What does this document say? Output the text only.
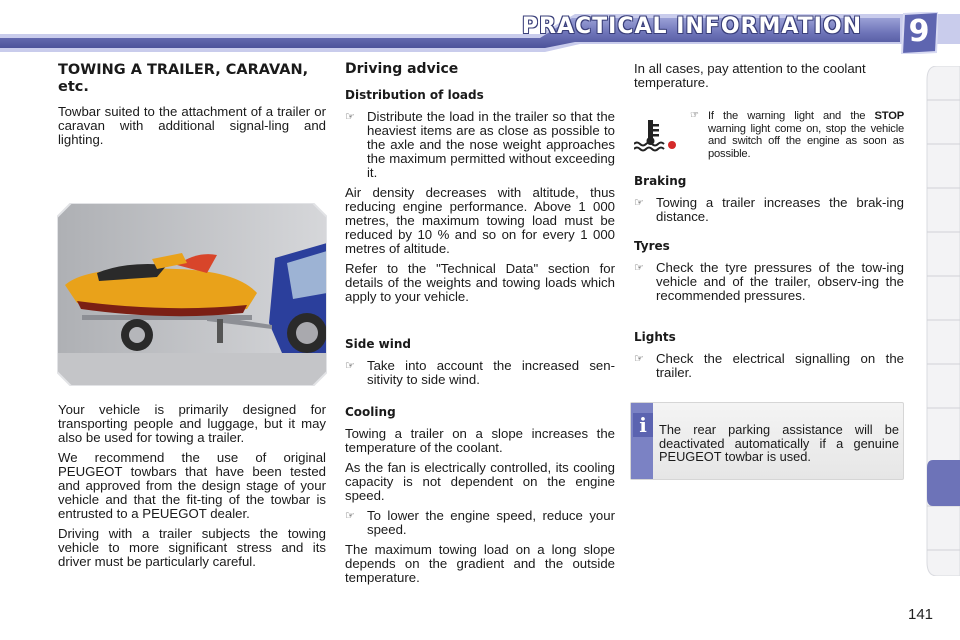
PRACTICAL INFORMATION 9
TOWING A TRAILER, CARAVAN, etc.

Towbar suited to the attachment of a trailer or caravan with additional signal-ling and lighting.

Your vehicle is primarily designed for transporting people and luggage, but it may also be used for towing a trailer.

We recommend the use of original PEUGEOT towbars that have been tested and approved from the design stage of your vehicle and that the fit-ting of the towbar is entrusted to a PEUEGOT dealer.

Driving with a trailer subjects the towing vehicle to more significant stress and its driver must be particularly careful.

Driving advice
Distribution of loads
☞ Distribute the load in the trailer so that the heaviest items are as close as possible to the axle and the nose weight approaches the maximum permitted without exceeding it.

Air density decreases with altitude, thus reducing engine performance. Above 1 000 metres, the maximum towing load must be reduced by 10 % and so on for every 1 000 metres of altitude.

Refer to the "Technical Data" section for details of the weights and towing loads which apply to your vehicle.

Side wind
☞ Take into account the increased sen-sitivity to side wind.
Cooling

Towing a trailer on a slope increases the temperature of the coolant.

As the fan is electrically controlled, its cooling capacity is not dependent on the engine speed.

☞ To lower the engine speed, reduce your speed.

The maximum towing load on a long slope depends on the gradient and the outside temperature.

In all cases, pay attention to the coolant temperature.

☞ If the warning light and the STOP warning light come on, stop the vehicle and switch off the engine as soon as possible.
Braking
☞ Towing a trailer increases the brak-ing distance.
Tyres
☞ Check the tyre pressures of the tow-ing vehicle and of the trailer, observ-ing the recommended pressures.
Lights
☞ Check the electrical signalling on the trailer.
i The rear parking assistance will be deactivated automatically if a genuine PEUGEOT towbar is used.
141
